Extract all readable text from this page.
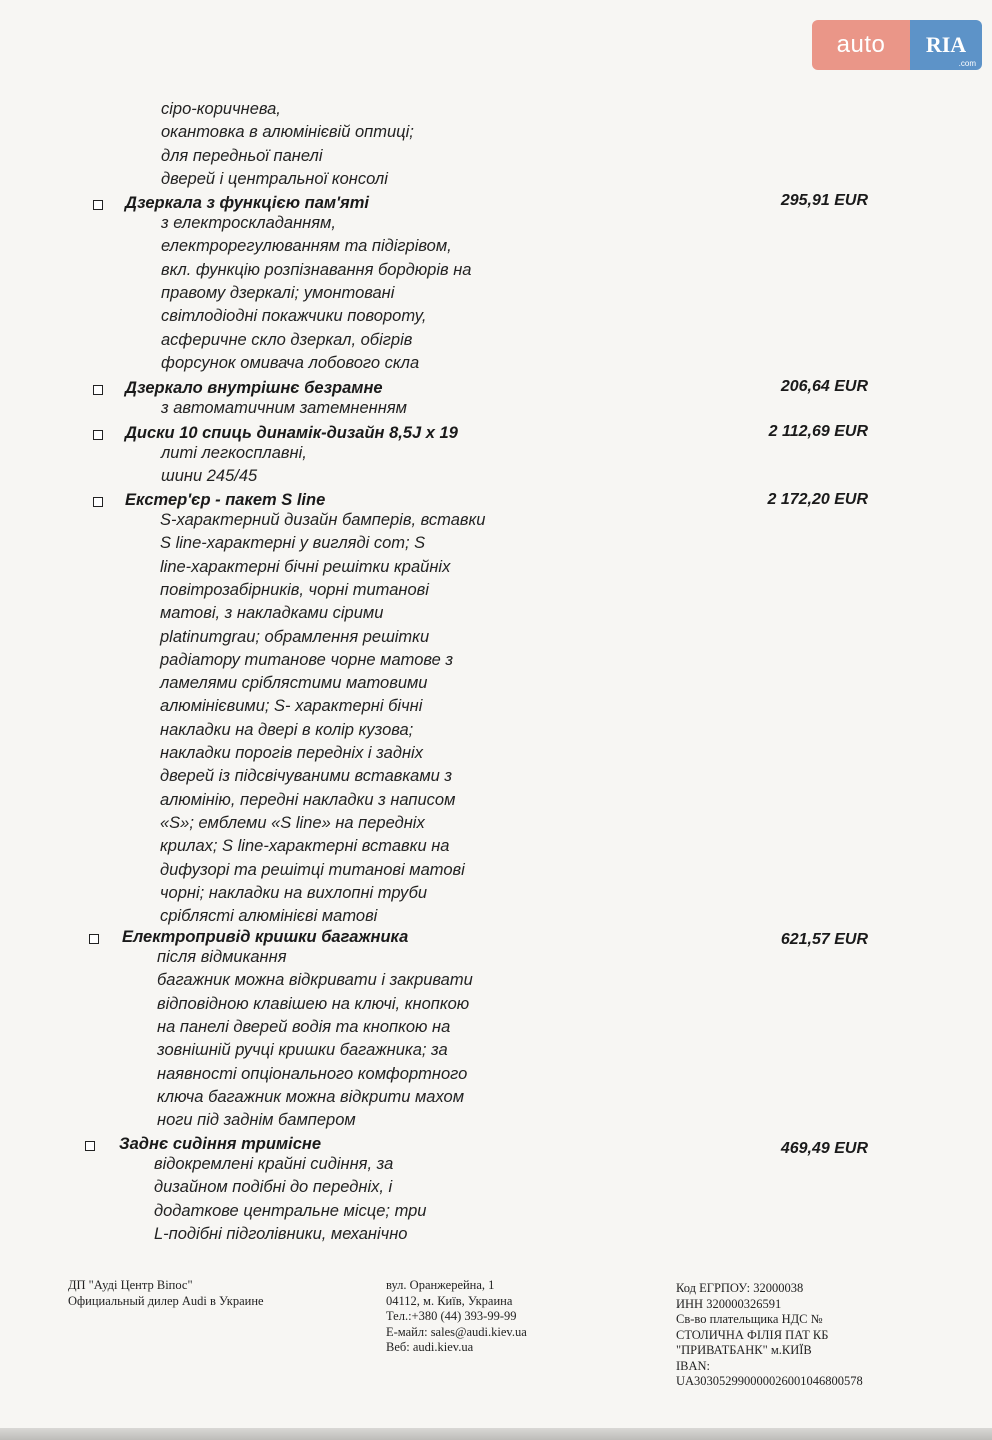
auto	RIA
.com
сіро-коричнева,
окантовка в алюмінієвій оптиці;
для передньої панелі
дверей і центральної консолі
Дзеркала з функцією пам'яті	295,91 EUR
з електроскладанням,
електрорегулюванням та підігрівом,
вкл. функцію розпізнавання бордюрів на
правому дзеркалі; умонтовані
світлодіодні покажчики повороту,
асферичне скло дзеркал, обігрів
форсунок омивача лобового скла
Дзеркало внутрішнє безрамне	206,64 EUR
з автоматичним затемненням
Диски 10 спиць динамік-дизайн 8,5J x 19	2 112,69 EUR
литі легкосплавні,
шини 245/45
Екстер'єр - пакет S line	2 172,20 EUR
S-характерний дизайн бамперів, вставки
S line-характерні у вигляді сот; S
line-характерні бічні решітки крайніх
повітрозабірників, чорні титанові
матові, з накладками сірими
platinumgrau; обрамлення решітки
радіатору титанове чорне матове з
ламелями сріблястими матовими
алюмінієвими; S- характерні бічні
накладки на двері в колір кузова;
накладки порогів передніх і задніх
дверей із підсвічуваними вставками з
алюмінію, передні накладки з написом
«S»; емблеми «S line» на передніх
крилах; S line-характерні вставки на
дифузорі та решітці титанові матові
чорні; накладки на вихлопні труби
сріблясті алюмінієві матові
Електропривід кришки багажника	621,57 EUR
після відмикання
багажник можна відкривати і закривати
відповідною клавішею на ключі, кнопкою
на панелі дверей водія та кнопкою на
зовнішній ручці кришки багажника; за
наявності опціонального комфортного
ключа багажник можна відкрити махом
ноги під заднім бампером
Заднє сидіння тримісне	469,49 EUR
відокремлені крайні сидіння, за
дизайном подібні до передніх, і
додаткове центральне місце; три
L-подібні підголівники, механічно
ДП "Ауді Центр Віпос"
Официальный дилер Audi в Украине
вул. Оранжерейна, 1
04112, м. Київ, Украина
Тел.:+380 (44) 393-99-99
Е-майл: sales@audi.kiev.ua
Веб: audi.kiev.ua
Код ЕГРПОУ: 32000038
ИНН 320000326591
Св-во плательщика НДС №
СТОЛИЧНА ФІЛІЯ ПАТ КБ
"ПРИВАТБАНК" м.КИЇВ
IBAN:
UA303052990000026001046800578
